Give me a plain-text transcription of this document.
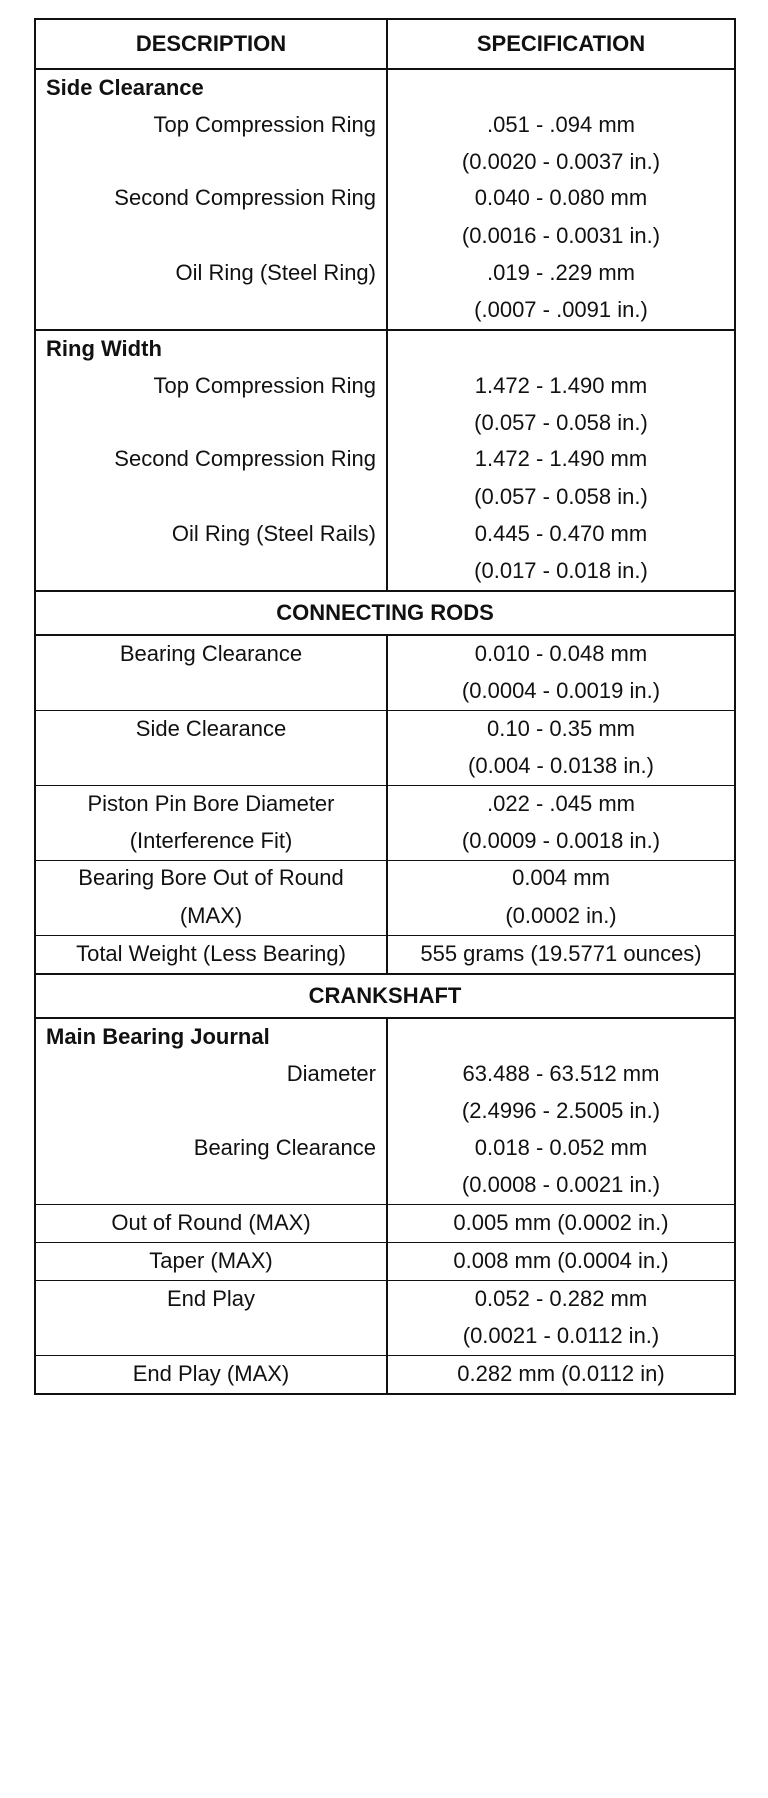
DESCRIPTION	SPECIFICATION
Side Clearance	
Top Compression Ring	.051 - .094 mm
	(0.0020 - 0.0037 in.)
Second Compression Ring	0.040 - 0.080 mm
	(0.0016 - 0.0031 in.)
Oil Ring (Steel Ring)	.019 - .229 mm
	(.0007 - .0091 in.)
Ring Width	
Top Compression Ring	1.472 - 1.490 mm
	(0.057 - 0.058 in.)
Second Compression Ring	1.472 - 1.490 mm
	(0.057 - 0.058 in.)
Oil Ring (Steel Rails)	0.445 - 0.470 mm
	(0.017 - 0.018 in.)
CONNECTING RODS	
Bearing Clearance	0.010 - 0.048 mm
	(0.0004 - 0.0019 in.)
Side Clearance	0.10 - 0.35 mm
	(0.004 - 0.0138 in.)
Piston Pin Bore Diameter	.022 - .045 mm
(Interference Fit)	(0.0009 - 0.0018 in.)
Bearing Bore Out of Round	0.004 mm
(MAX)	(0.0002 in.)
Total Weight (Less Bearing)	555 grams (19.5771 ounces)
CRANKSHAFT	
Main Bearing Journal	
Diameter	63.488 - 63.512 mm
	(2.4996 - 2.5005 in.)
Bearing Clearance	0.018 - 0.052 mm
	(0.0008 - 0.0021 in.)
Out of Round (MAX)	0.005 mm (0.0002 in.)
Taper (MAX)	0.008 mm (0.0004 in.)
End Play	0.052 - 0.282 mm
	(0.0021 - 0.0112 in.)
End Play (MAX)	0.282 mm (0.0112 in)
